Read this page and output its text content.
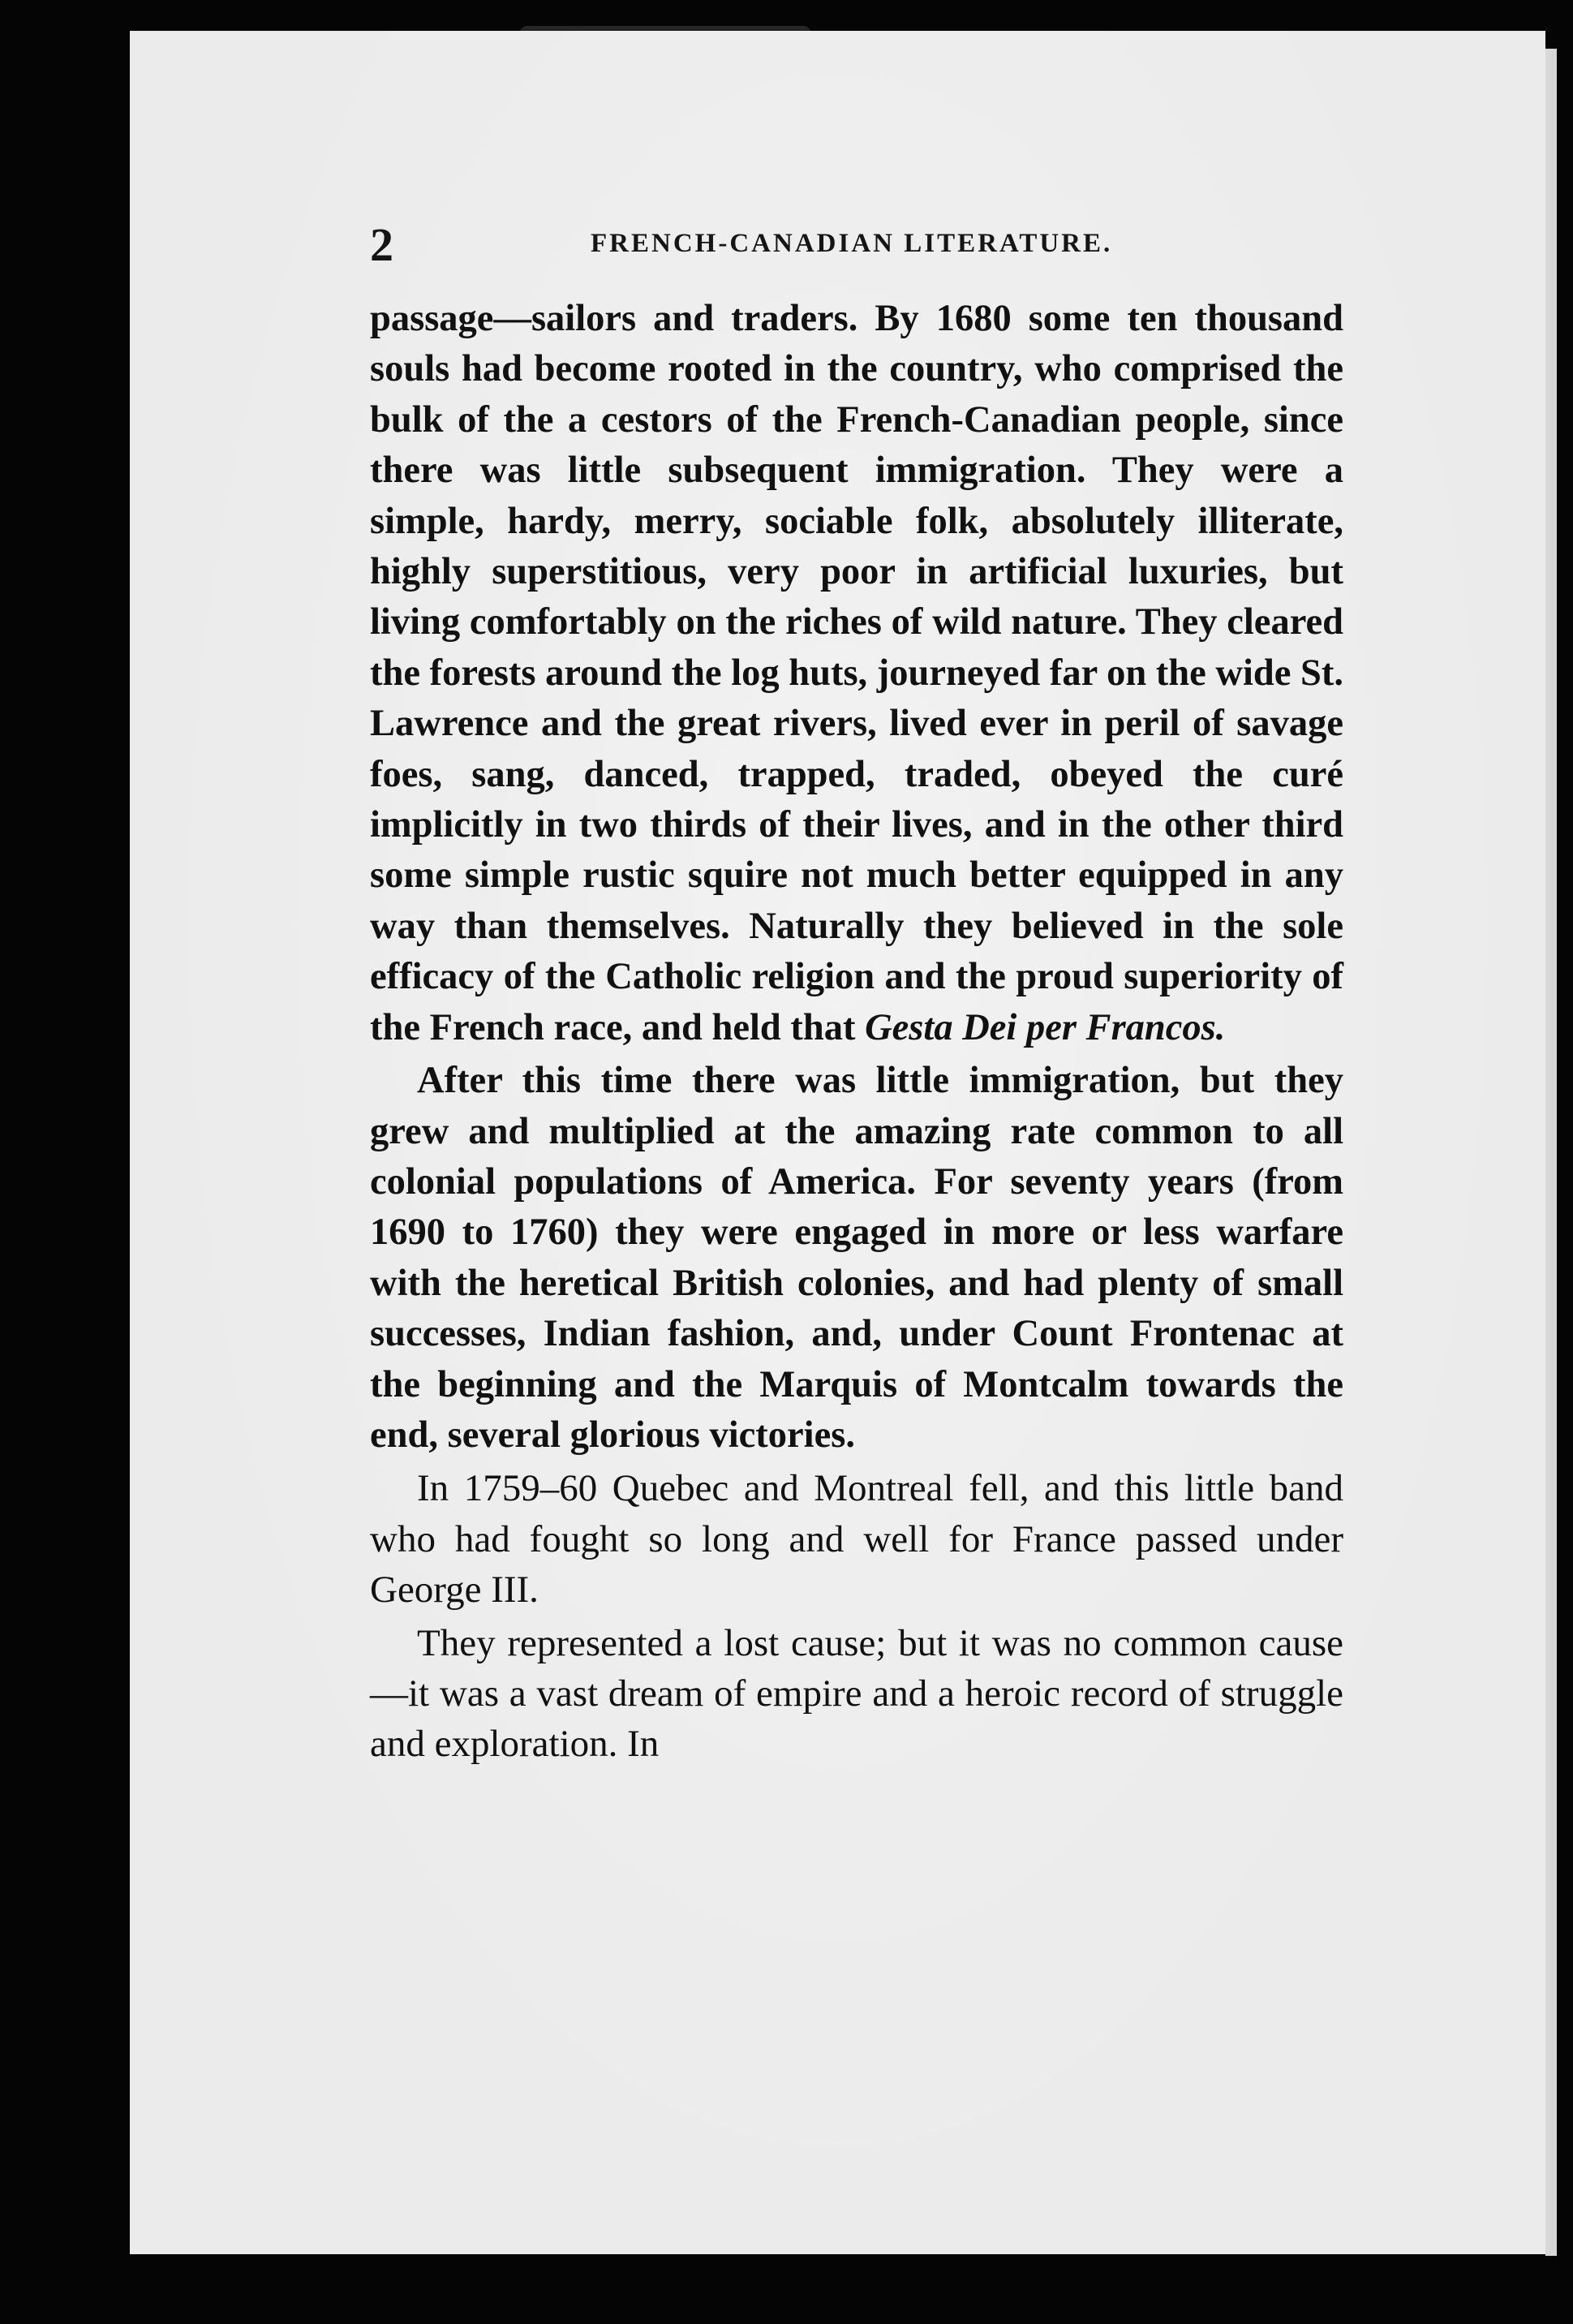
2	FRENCH-CANADIAN LITERATURE.

passage—sailors and traders. By 1680 some ten thousand souls had become rooted in the country, who comprised the bulk of the a cestors of the French-Canadian people, since there was little subsequent immigration. They were a simple, hardy, merry, sociable folk, absolutely illiterate, highly superstitious, very poor in artificial luxuries, but living comfortably on the riches of wild nature. They cleared the forests around the log huts, journeyed far on the wide St. Lawrence and the great rivers, lived ever in peril of savage foes, sang, danced, trapped, traded, obeyed the curé implicitly in two thirds of their lives, and in the other third some simple rustic squire not much better equipped in any way than themselves. Naturally they believed in the sole efficacy of the Catholic religion and the proud superiority of the French race, and held that Gesta Dei per Francos.

After this time there was little immigration, but they grew and multiplied at the amazing rate common to all colonial populations of America. For seventy years (from 1690 to 1760) they were engaged in more or less warfare with the heretical British colonies, and had plenty of small successes, Indian fashion, and, under Count Frontenac at the beginning and the Marquis of Montcalm towards the end, several glorious victories.

In 1759–60 Quebec and Montreal fell, and this little band who had fought so long and well for France passed under George III.

They represented a lost cause; but it was no common cause—it was a vast dream of empire and a heroic record of struggle and exploration. In
